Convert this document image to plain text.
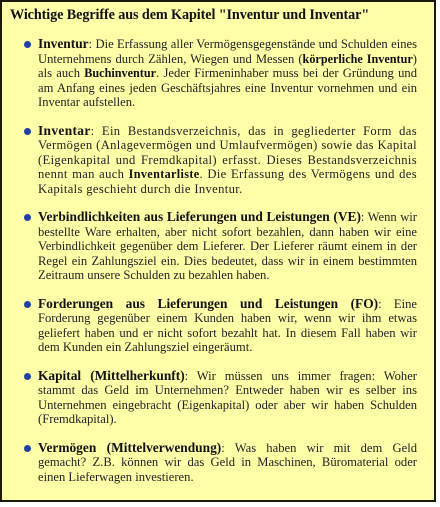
Wichtige Begriffe aus dem Kapitel "Inventur und Inventar"

Inventur: Die Erfassung aller Vermögensgegenstände und Schulden eines Unternehmens durch Zählen, Wiegen und Messen (körperliche Inventur) als auch Buchinventur. Jeder Firmeninhaber muss bei der Gründung und am Anfang eines jeden Geschäftsjahres eine Inventur vornehmen und ein Inventar aufstellen.

Inventar: Ein Bestandsverzeichnis, das in gegliederter Form das Vermögen (Anlagevermögen und Umlaufvermögen) sowie das Kapital (Eigenkapital und Fremdkapital) erfasst. Dieses Bestandsverzeichnis nennt man auch Inventarliste. Die Erfassung des Vermögens und des Kapitals geschieht durch die Inventur.

Verbindlichkeiten aus Lieferungen und Leistungen (VE): Wenn wir bestellte Ware erhalten, aber nicht sofort bezahlen, dann haben wir eine Verbindlichkeit gegenüber dem Lieferer. Der Lieferer räumt einem in der Regel ein Zahlungsziel ein. Dies bedeutet, dass wir in einem bestimmten Zeitraum unsere Schulden zu bezahlen haben.

Forderungen aus Lieferungen und Leistungen (FO): Eine Forderung gegenüber einem Kunden haben wir, wenn wir ihm etwas geliefert haben und er nicht sofort bezahlt hat. In diesem Fall haben wir dem Kunden ein Zahlungsziel eingeräumt.

Kapital (Mittelherkunft): Wir müssen uns immer fragen: Woher stammt das Geld im Unternehmen? Entweder haben wir es selber ins Unternehmen eingebracht (Eigenkapital) oder aber wir haben Schulden (Fremdkapital).

Vermögen (Mittelverwendung): Was haben wir mit dem Geld gemacht? Z.B. können wir das Geld in Maschinen, Büromaterial oder einen Lieferwagen investieren.
